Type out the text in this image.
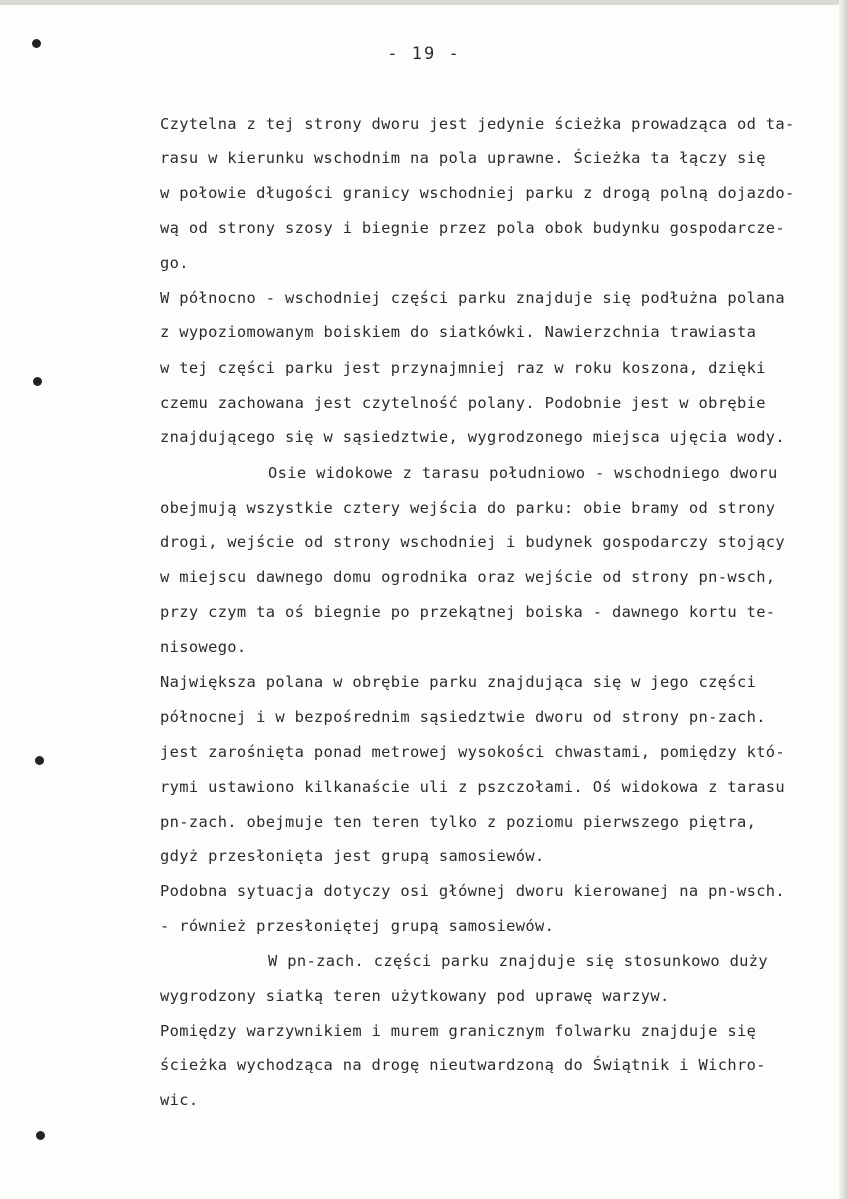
- 19 -
Czytelna z tej strony dworu jest jedynie ścieżka prowadząca od ta-
rasu w kierunku wschodnim na pola uprawne. Ścieżka ta łączy się
w połowie długości granicy wschodniej parku z drogą polną dojazdo-
wą od strony szosy i biegnie przez pola obok budynku gospodarcze-
go.
W północno - wschodniej części parku znajduje się podłużna polana
z wypoziomowanym boiskiem do siatkówki. Nawierzchnia trawiasta
w tej części parku jest przynajmniej raz w roku koszona, dzięki
czemu zachowana jest czytelność polany. Podobnie jest w obrębie
znajdującego się w sąsiedztwie, wygrodzonego miejsca ujęcia wody.
Osie widokowe z tarasu południowo - wschodniego dworu
obejmują wszystkie cztery wejścia do parku: obie bramy od strony
drogi, wejście od strony wschodniej i budynek gospodarczy stojący
w miejscu dawnego domu ogrodnika oraz wejście od strony pn-wsch,
przy czym ta oś biegnie po przekątnej boiska - dawnego kortu te-
nisowego.
Największa polana w obrębie parku znajdująca się w jego części
północnej i w bezpośrednim sąsiedztwie dworu od strony pn-zach.
jest zarośnięta ponad metrowej wysokości chwastami, pomiędzy któ-
rymi ustawiono kilkanaście uli z pszczołami. Oś widokowa z tarasu
pn-zach. obejmuje ten teren tylko z poziomu pierwszego piętra,
gdyż przesłonięta jest grupą samosiewów.
Podobna sytuacja dotyczy osi głównej dworu kierowanej na pn-wsch.
- również przesłoniętej grupą samosiewów.
W pn-zach. części parku znajduje się stosunkowo duży
wygrodzony siatką teren użytkowany pod uprawę warzyw.
Pomiędzy warzywnikiem i murem granicznym folwarku znajduje się
ścieżka wychodząca na drogę nieutwardzoną do Świątnik i Wichro-
wic.
